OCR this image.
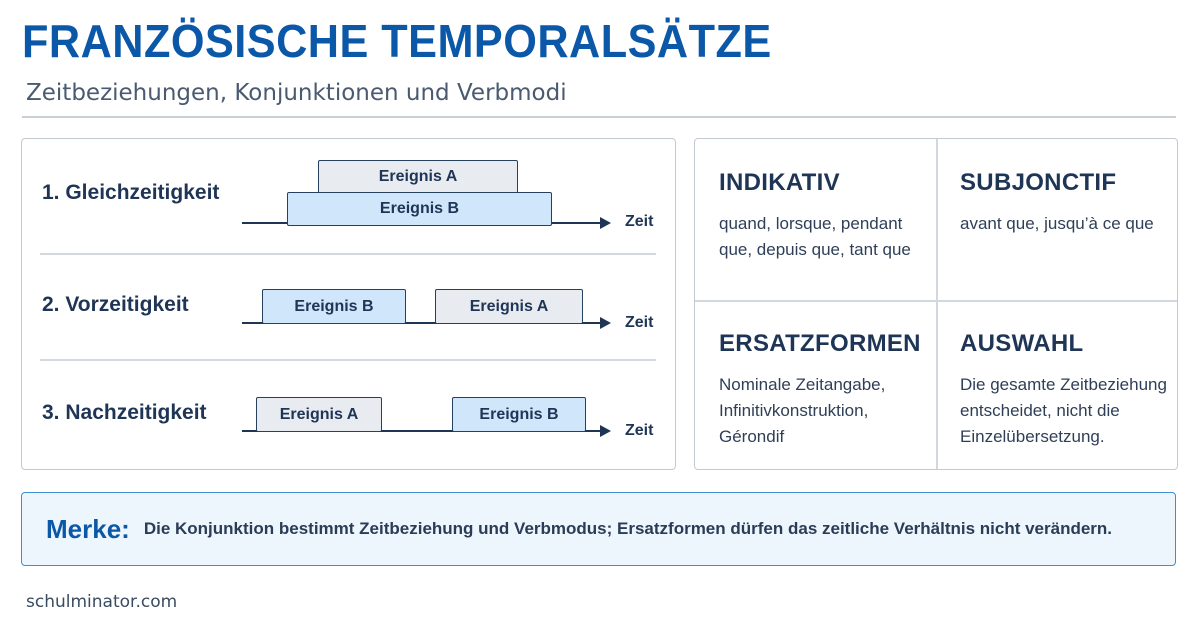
FRANZÖSISCHE TEMPORALSÄTZE
Zeitbeziehungen, Konjunktionen und Verbmodi
1. Gleichzeitigkeit
Zeit
Ereignis A
Ereignis B
2. Vorzeitigkeit
Zeit
Ereignis B	Ereignis A
3. Nachzeitigkeit
Zeit
Ereignis A	Ereignis B
INDIKATIV
quand, lorsque, pendant
que, depuis que, tant que
SUBJONCTIF
avant que, jusqu’à ce que
ERSATZFORMEN
Nominale Zeitangabe,
Infinitivkonstruktion,
Gérondif
AUSWAHL
Die gesamte Zeitbeziehung
entscheidet, nicht die
Einzelübersetzung.
Merke: Die Konjunktion bestimmt Zeitbeziehung und Verbmodus; Ersatzformen dürfen das zeitliche Verhältnis nicht verändern.
schulminator.com
